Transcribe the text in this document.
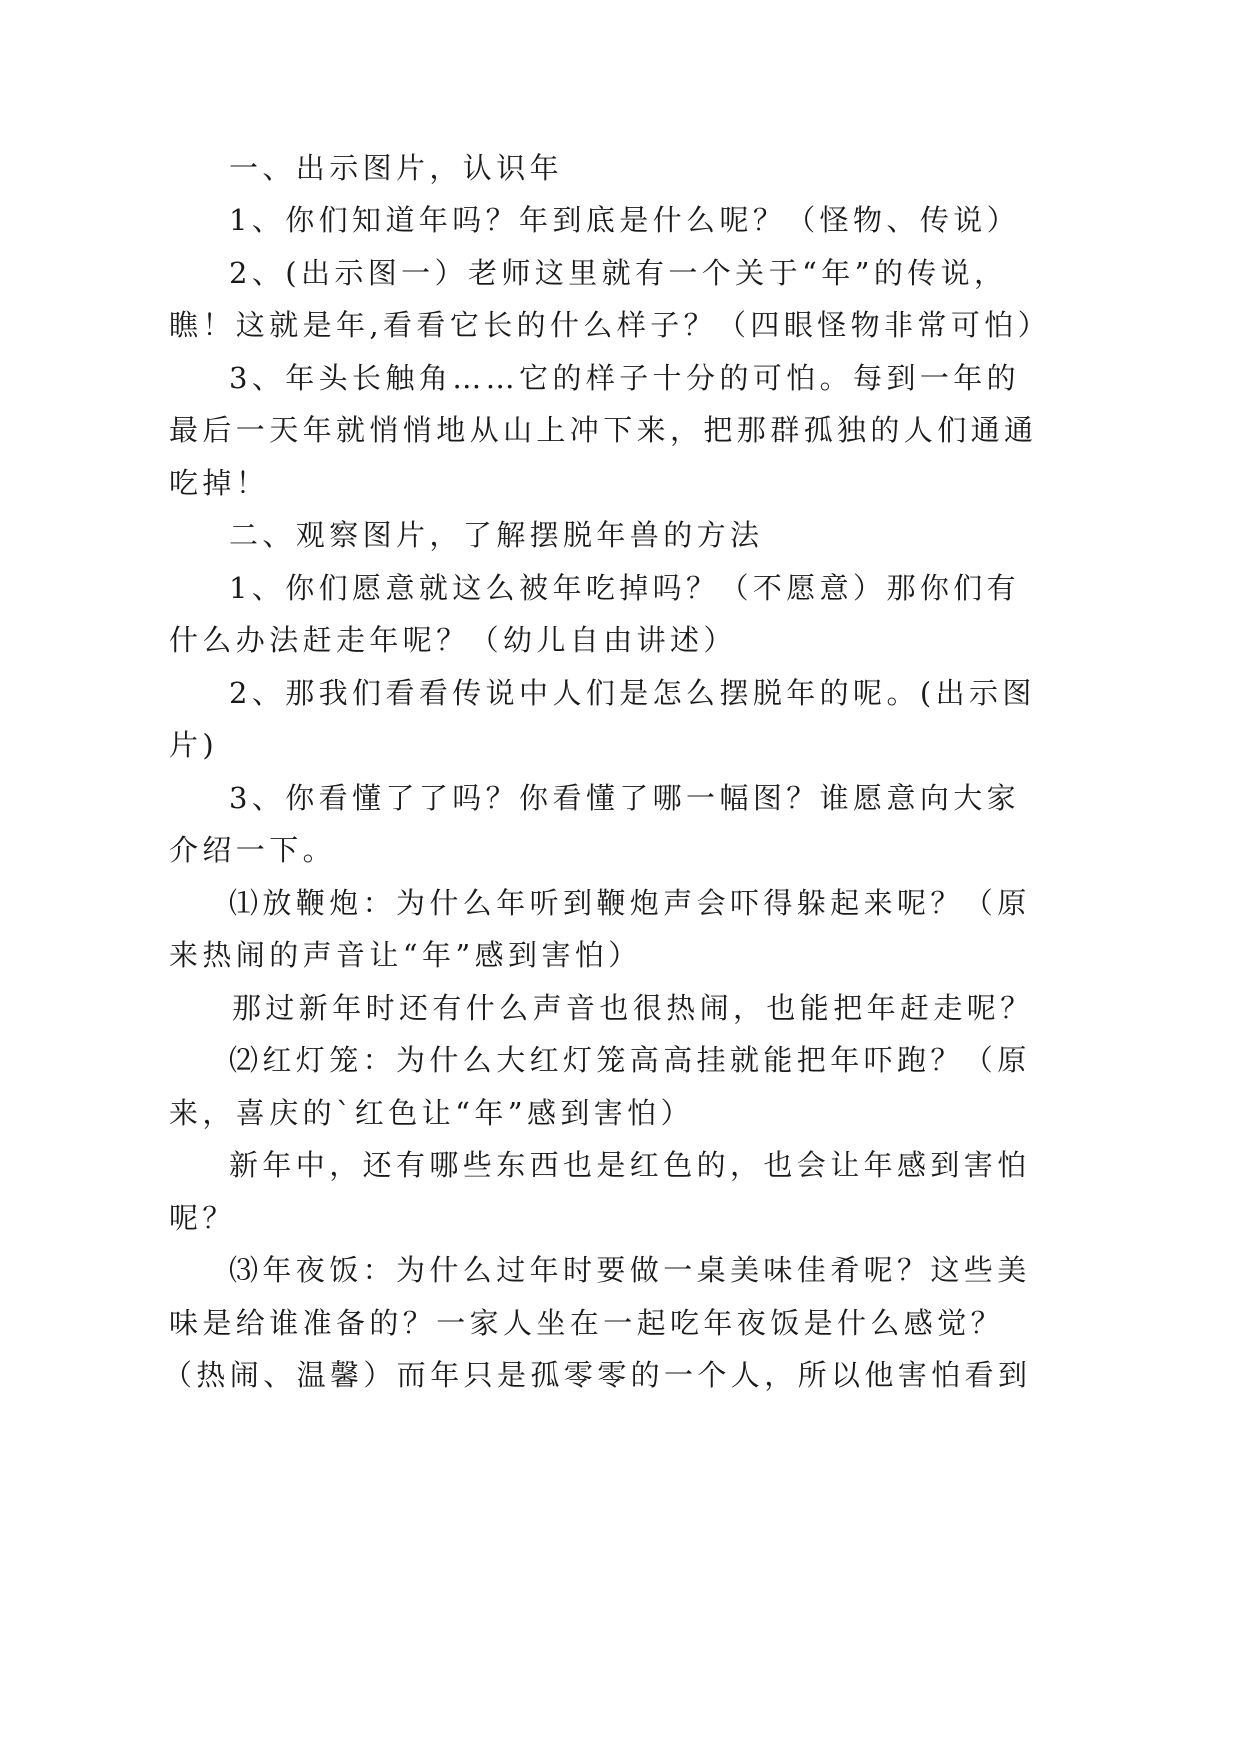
一、出示图片，认识年
1、你们知道年吗？年到底是什么呢？（怪物、传说）
2、(出示图一）老师这里就有一个关于“年”的传说，
瞧！这就是年,看看它长的什么样子？（四眼怪物非常可怕）
3、年头长触角……它的样子十分的可怕。每到一年的
最后一天年就悄悄地从山上冲下来，把那群孤独的人们通通
吃掉！
二、观察图片，了解摆脱年兽的方法
1、你们愿意就这么被年吃掉吗？（不愿意）那你们有
什么办法赶走年呢？（幼儿自由讲述）
2、那我们看看传说中人们是怎么摆脱年的呢。(出示图
片)
3、你看懂了了吗？你看懂了哪一幅图？谁愿意向大家
介绍一下。
⑴放鞭炮：为什么年听到鞭炮声会吓得躲起来呢？（原
来热闹的声音让“年”感到害怕）
那过新年时还有什么声音也很热闹，也能把年赶走呢？
⑵红灯笼：为什么大红灯笼高高挂就能把年吓跑？（原
来，喜庆的`红色让“年”感到害怕）
新年中，还有哪些东西也是红色的，也会让年感到害怕
呢？
⑶年夜饭：为什么过年时要做一桌美味佳肴呢？这些美
味是给谁准备的？一家人坐在一起吃年夜饭是什么感觉？
（热闹、温馨）而年只是孤零零的一个人，所以他害怕看到
